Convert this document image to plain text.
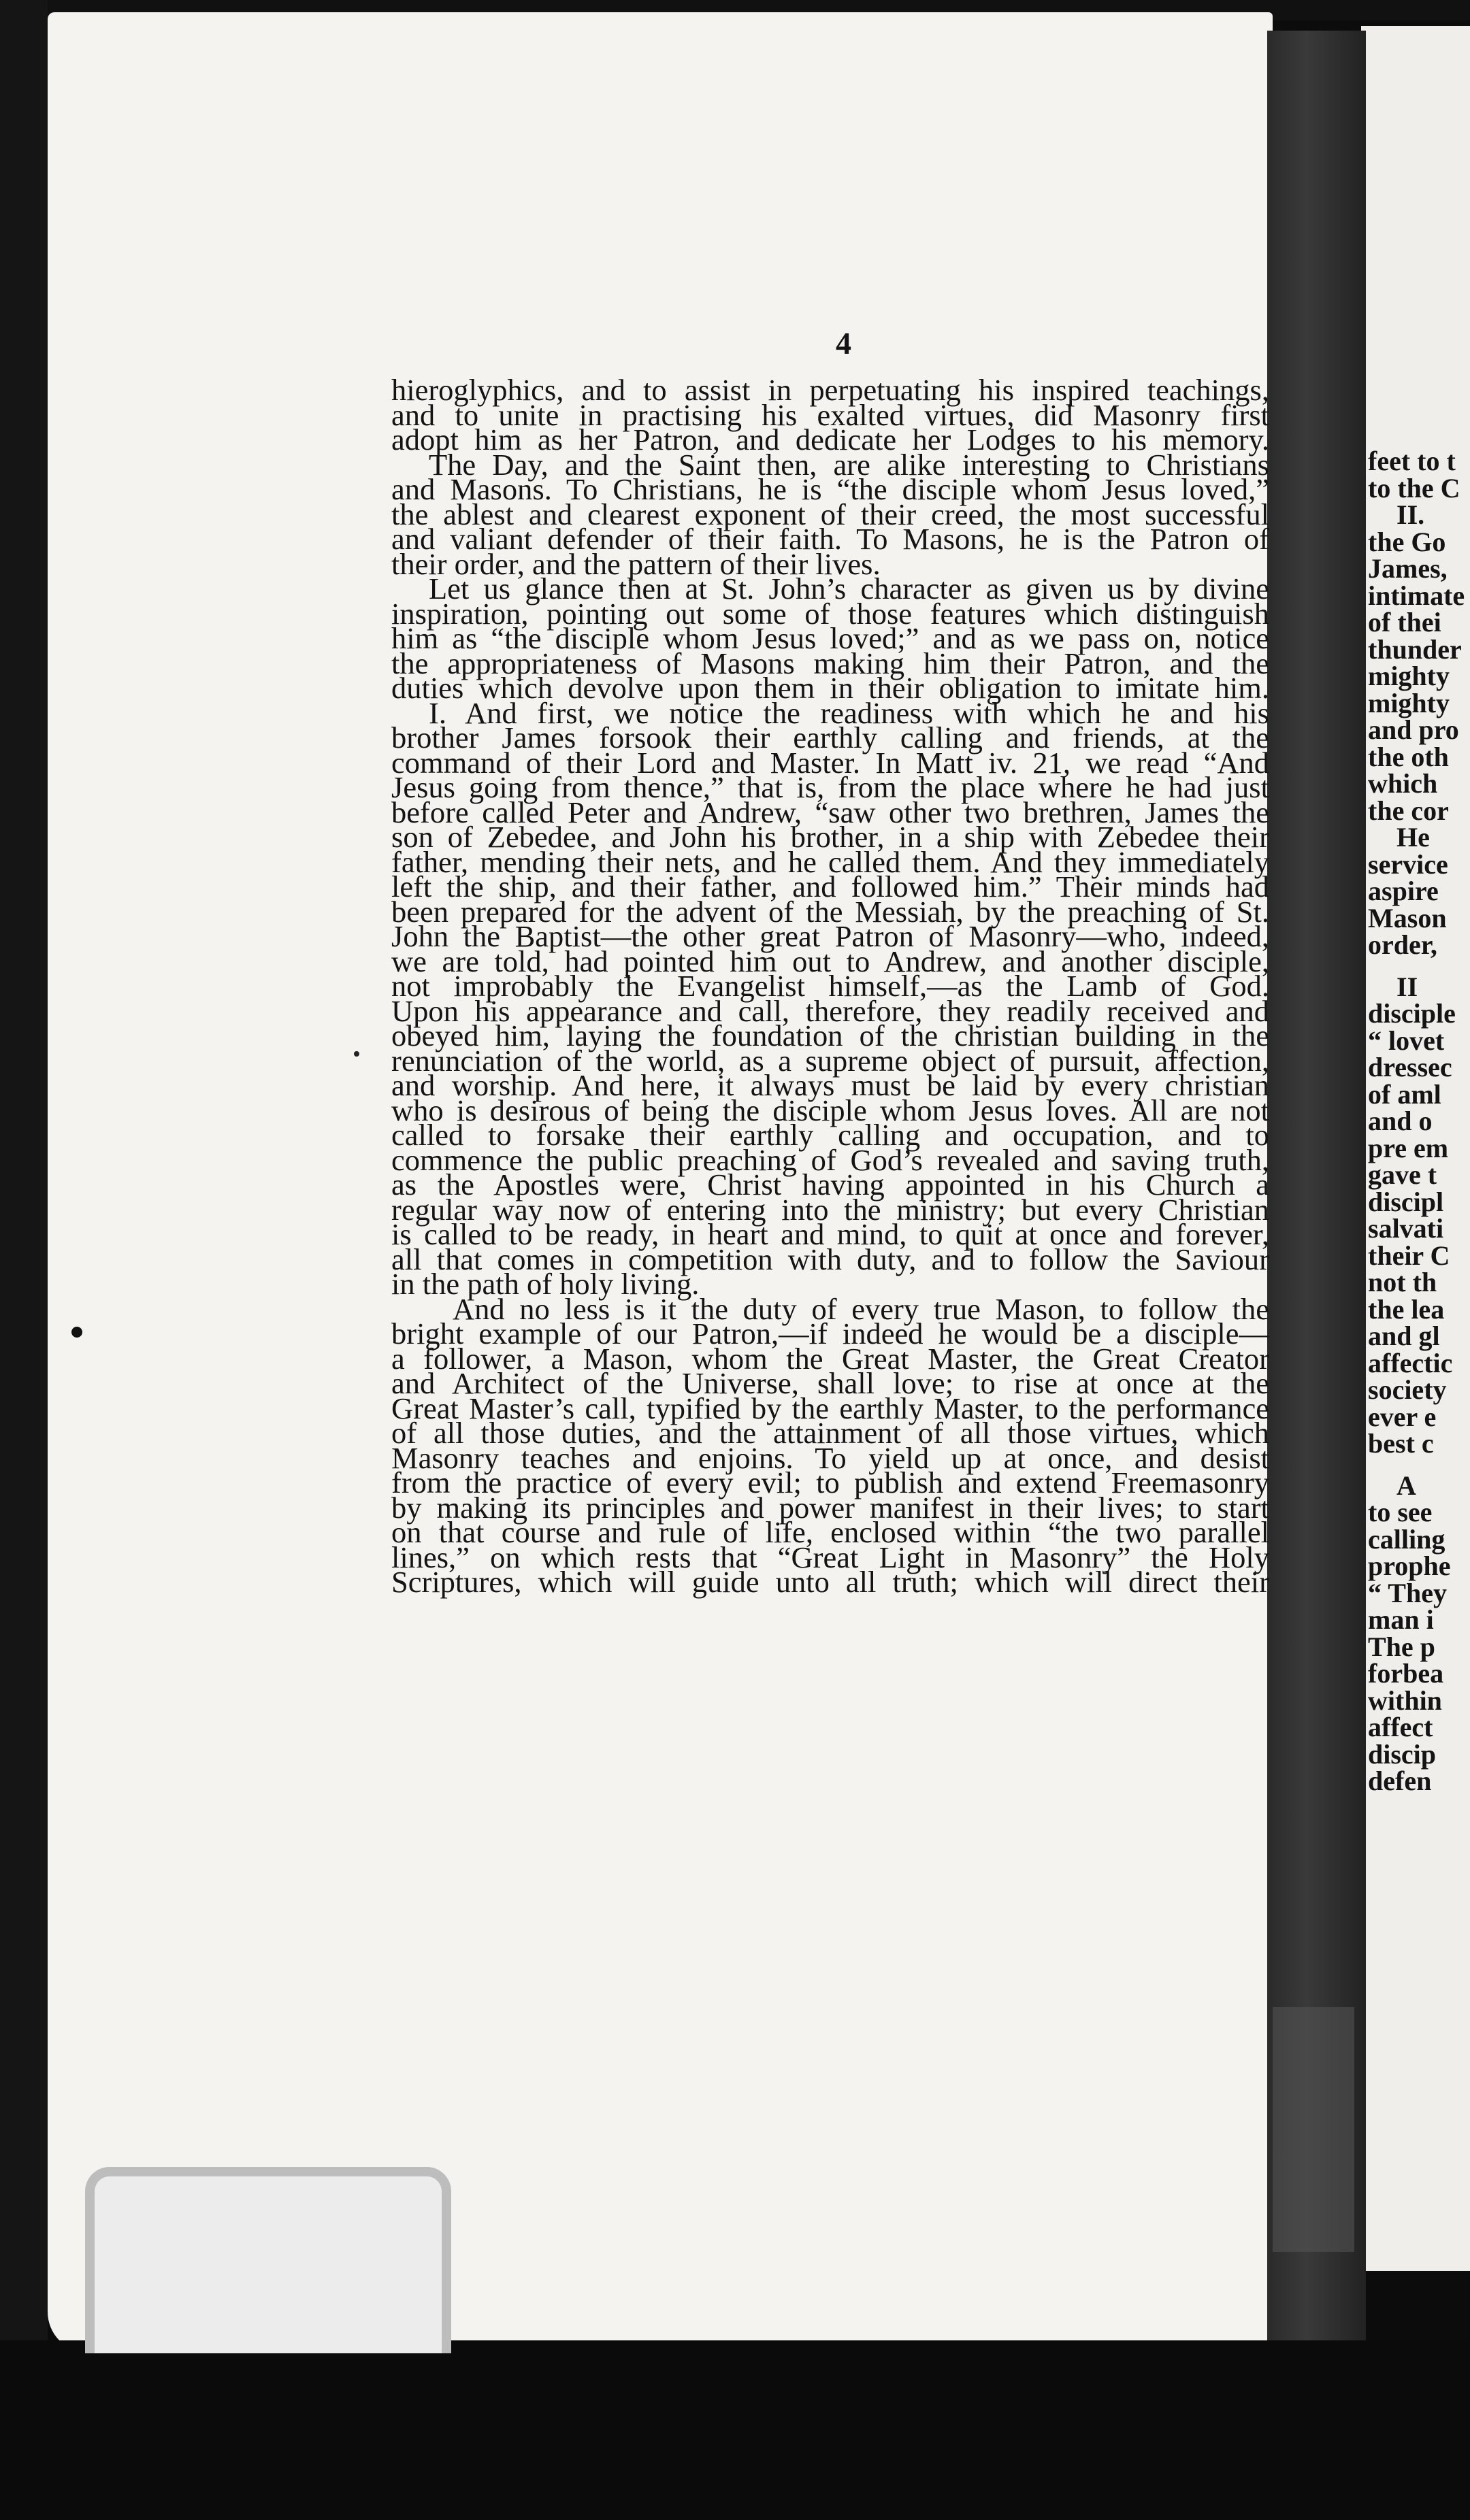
feet to t
to the C
II.
the Go
James,
intimate
of thei
thunder
mighty
mighty
and pro
the oth
which
the cor
He
service
aspire
Mason
order,
II
disciple
“ lovet
dressec
of aml
and o
pre em
gave t
discipl
salvati
their C
not th
the lea
and gl
affectic
society
ever e
best c
A
to see
calling
prophe
“ They
man i
The p
forbea
within
affect
discip
defen
4
hieroglyphics, and to assist in perpetuating his inspired teachings,
and to unite in practising his exalted virtues, did Masonry first
adopt him as her Patron, and dedicate her Lodges to his memory.
The Day, and the Saint then, are alike interesting to Christians
and Masons. To Christians, he is “the disciple whom Jesus loved,”
the ablest and clearest exponent of their creed, the most successful
and valiant defender of their faith. To Masons, he is the Patron of
their order, and the pattern of their lives.
Let us glance then at St. John’s character as given us by divine
inspiration, pointing out some of those features which distinguish
him as “the disciple whom Jesus loved;” and as we pass on, notice
the appropriateness of Masons making him their Patron, and the
duties which devolve upon them in their obligation to imitate him.
I. And first, we notice the readiness with which he and his
brother James forsook their earthly calling and friends, at the
command of their Lord and Master. In Matt iv. 21, we read “And
Jesus going from thence,” that is, from the place where he had just
before called Peter and Andrew, “saw other two brethren, James the
son of Zebedee, and John his brother, in a ship with Zebedee their
father, mending their nets, and he called them. And they immediately
left the ship, and their father, and followed him.” Their minds had
been prepared for the advent of the Messiah, by the preaching of St.
John the Baptist—the other great Patron of Masonry—who, indeed,
we are told, had pointed him out to Andrew, and another disciple,
not improbably the Evangelist himself,—as the Lamb of God.
Upon his appearance and call, therefore, they readily received and
obeyed him, laying the foundation of the christian building in the
renunciation of the world, as a supreme object of pursuit, affection,
and worship. And here, it always must be laid by every christian
who is desirous of being the disciple whom Jesus loves. All are not
called to forsake their earthly calling and occupation, and to
commence the public preaching of God’s revealed and saving truth,
as the Apostles were, Christ having appointed in his Church a
regular way now of entering into the ministry; but every Christian
is called to be ready, in heart and mind, to quit at once and forever,
all that comes in competition with duty, and to follow the Saviour
in the path of holy living.
And no less is it the duty of every true Mason, to follow the
bright example of our Patron,—if indeed he would be a disciple—
a follower, a Mason, whom the Great Master, the Great Creator
and Architect of the Universe, shall love; to rise at once at the
Great Master’s call, typified by the earthly Master, to the performance
of all those duties, and the attainment of all those virtues, which
Masonry teaches and enjoins. To yield up at once, and desist
from the practice of every evil; to publish and extend Freemasonry
by making its principles and power manifest in their lives; to start
on that course and rule of life, enclosed within “the two parallel
lines,” on which rests that “Great Light in Masonry” the Holy
Scriptures, which will guide unto all truth; which will direct their
